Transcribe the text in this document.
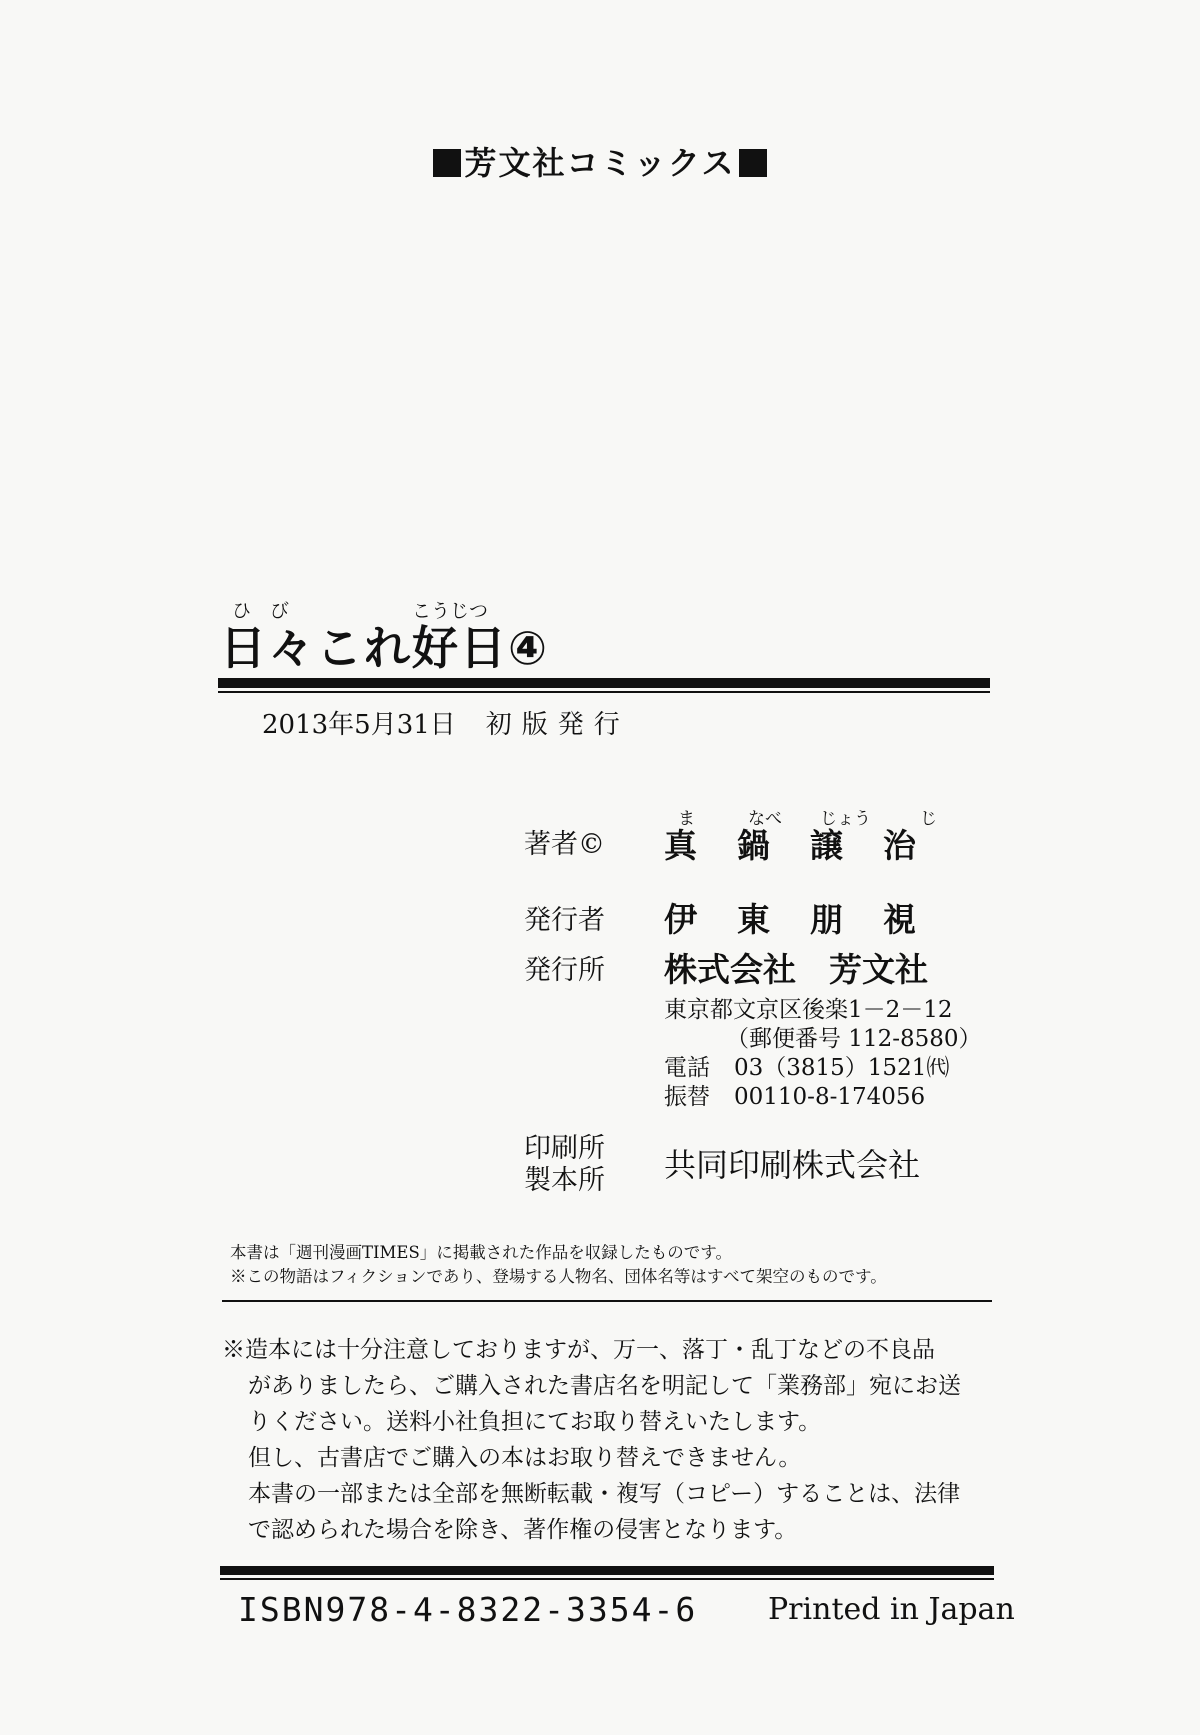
芳文社コミックス
ひ　び	こうじつ
日々これ好日④
2013年5月31日 初版発行
ま	なべ じょう	じ
著者© 真鍋譲治
発行者 伊東朋視
発行所 株式会社　芳文社
東京都文京区後楽1－2－12
（郵便番号 112-8580）
電話 03（3815）1521㈹
振替 00110-8-174056
印刷所
製本所 共同印刷株式会社
本書は「週刊漫画TIMES」に掲載された作品を収録したものです。
※この物語はフィクションであり、登場する人物名、団体名等はすべて架空のものです。
※造本には十分注意しておりますが、万一、落丁・乱丁などの不良品
がありましたら、ご購入された書店名を明記して「業務部」宛にお送
りください。送料小社負担にてお取り替えいたします。
但し、古書店でご購入の本はお取り替えできません。
本書の一部または全部を無断転載・複写（コピー）することは、法律
で認められた場合を除き、著作権の侵害となります。
ISBN978-4-8322-3354-6 Printed in Japan
